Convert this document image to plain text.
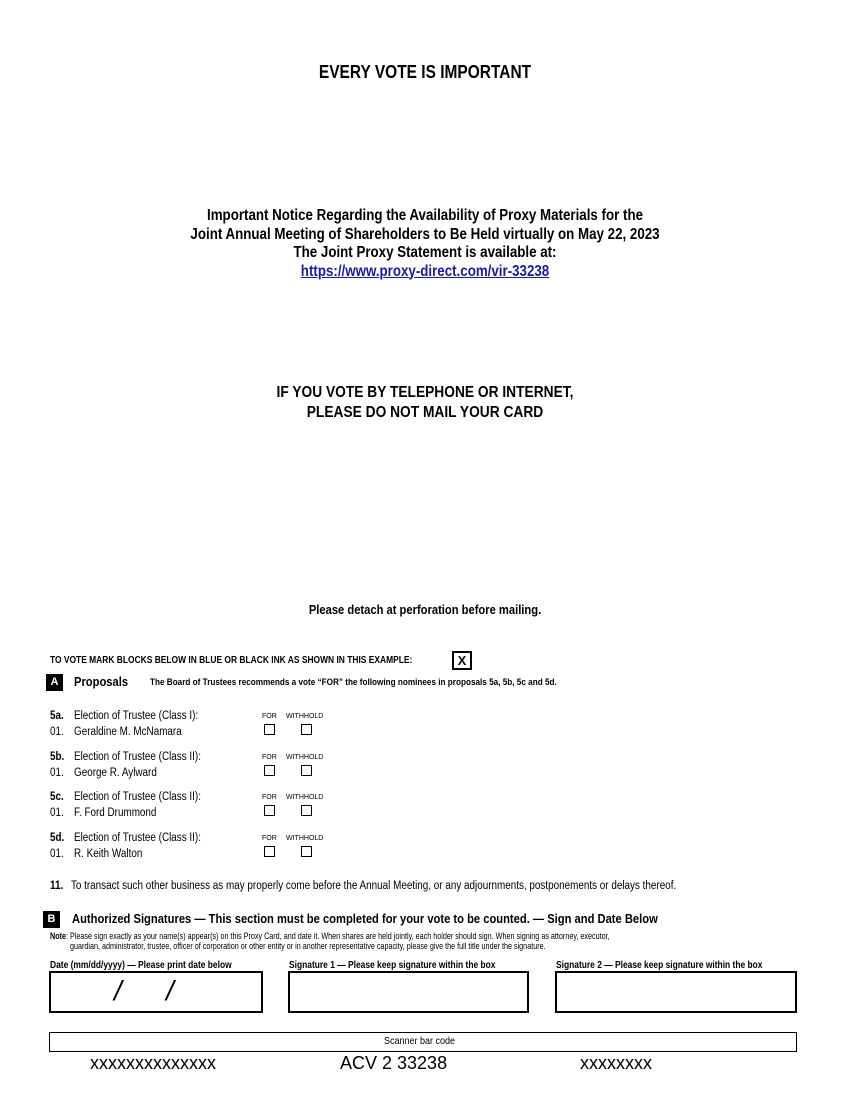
EVERY VOTE IS IMPORTANT
Important Notice Regarding the Availability of Proxy Materials for the
Joint Annual Meeting of Shareholders to Be Held virtually on May 22, 2023
The Joint Proxy Statement is available at:
https://www.proxy-direct.com/vir-33238
IF YOU VOTE BY TELEPHONE OR INTERNET,
PLEASE DO NOT MAIL YOUR CARD
Please detach at perforation before mailing.
TO VOTE MARK BLOCKS BELOW IN BLUE OR BLACK INK AS SHOWN IN THIS EXAMPLE:	X
A	Proposals	The Board of Trustees recommends a vote “FOR” the following nominees in proposals 5a, 5b, 5c and 5d.
5a. Election of Trustee (Class I):
01. Geraldine M. McNamara
FOR WITHHOLD
5b. Election of Trustee (Class II):
01. George R. Aylward
FOR WITHHOLD
5c. Election of Trustee (Class II):
01. F. Ford Drummond
FOR WITHHOLD
5d. Election of Trustee (Class II):
01. R. Keith Walton
FOR WITHHOLD
11. To transact such other business as may properly come before the Annual Meeting, or any adjournments, postponements or delays thereof.
B	Authorized Signatures — This section must be completed for your vote to be counted. — Sign and Date Below
Note: Please sign exactly as your name(s) appear(s) on this Proxy Card, and date it. When shares are held jointly, each holder should sign. When signing as attorney, executor,
guardian, administrator, trustee, officer of corporation or other entity or in another representative capacity, please give the full title under the signature.
Date (mm/dd/yyyy) — Please print date below	Signature 1 — Please keep signature within the box	Signature 2 — Please keep signature within the box
/ /
Scanner bar code
xxxxxxxxxxxxxx	ACV 2 33238	xxxxxxxx
